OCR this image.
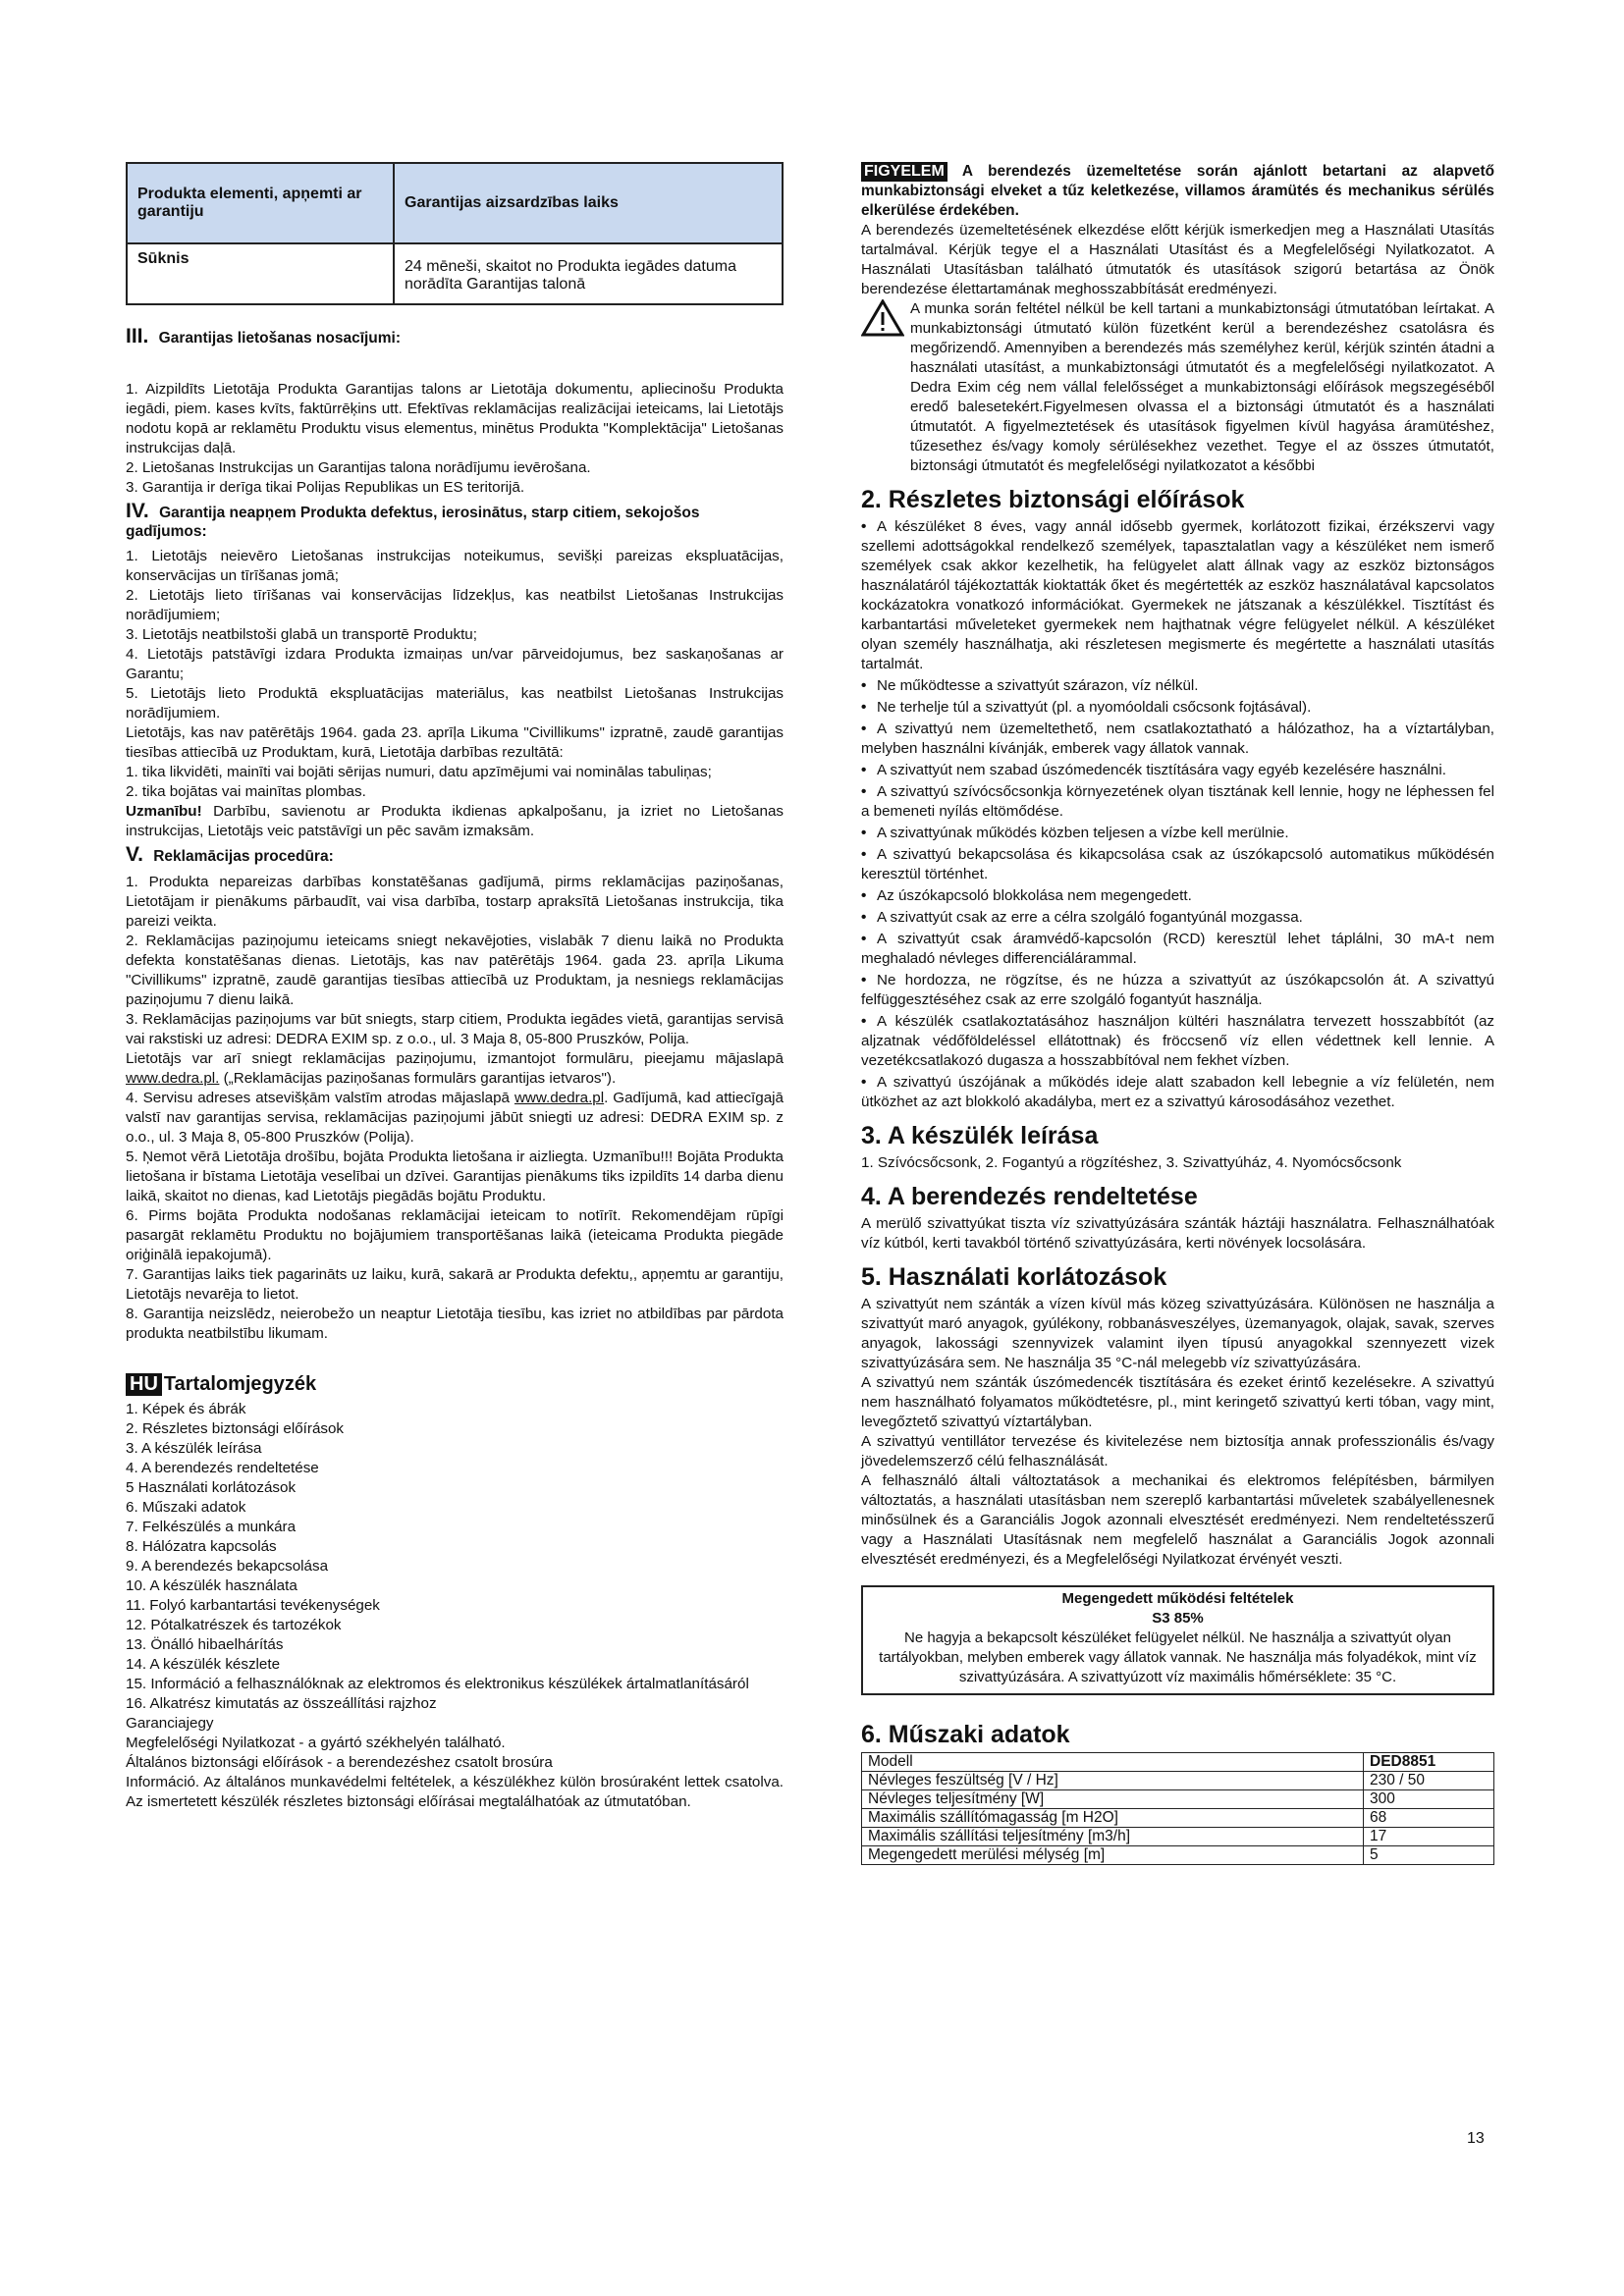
Produkta elementi, apņemti ar garantiju	Garantijas aizsardzības laiks
Sūknis	24 mēneši, skaitot no Produkta iegādes datuma norādīta Garantijas talonā
III. Garantijas lietošanas nosacījumi:

1. Aizpildīts Lietotāja Produkta Garantijas talons ar Lietotāja dokumentu, apliecinošu Produkta iegādi, piem. kases kvīts, faktūrrēķins utt. Efektīvas reklamācijas realizācijai ieteicams, lai Lietotājs nodotu kopā ar reklamētu Produktu visus elementus, minētus Produkta "Komplektācija" Lietošanas instrukcijas daļā.

2. Lietošanas Instrukcijas un Garantijas talona norādījumu ievērošana.

3. Garantija ir derīga tikai Polijas Republikas un ES teritorijā.

IV. Garantija neapņem Produkta defektus, ierosinātus, starp citiem, sekojošos gadījumos:

1. Lietotājs neievēro Lietošanas instrukcijas noteikumus, sevišķi pareizas ekspluatācijas, konservācijas un tīrīšanas jomā;

2. Lietotājs lieto tīrīšanas vai konservācijas līdzekļus, kas neatbilst Lietošanas Instrukcijas norādījumiem;

3. Lietotājs neatbilstoši glabā un transportē Produktu;

4. Lietotājs patstāvīgi izdara Produkta izmaiņas un/var pārveidojumus, bez saskaņošanas ar Garantu;

5. Lietotājs lieto Produktā ekspluatācijas materiālus, kas neatbilst Lietošanas Instrukcijas norādījumiem.

Lietotājs, kas nav patērētājs 1964. gada 23. aprīļa Likuma "Civillikums" izpratnē, zaudē garantijas tiesības attiecībā uz Produktam, kurā, Lietotāja darbības rezultātā:

1. tika likvidēti, mainīti vai bojāti sērijas numuri, datu apzīmējumi vai nominālas tabuliņas;

2. tika bojātas vai mainītas plombas.

Uzmanību! Darbību, savienotu ar Produkta ikdienas apkalpošanu, ja izriet no Lietošanas instrukcijas, Lietotājs veic patstāvīgi un pēc savām izmaksām.

V. Reklamācijas procedūra:

1. Produkta nepareizas darbības konstatēšanas gadījumā, pirms reklamācijas paziņošanas, Lietotājam ir pienākums pārbaudīt, vai visa darbība, tostarp apraksītā Lietošanas instrukcija, tika pareizi veikta.

2. Reklamācijas paziņojumu ieteicams sniegt nekavējoties, vislabāk 7 dienu laikā no Produkta defekta konstatēšanas dienas. Lietotājs, kas nav patērētājs 1964. gada 23. aprīļa Likuma "Civillikums" izpratnē, zaudē garantijas tiesības attiecībā uz Produktam, ja nesniegs reklamācijas paziņojumu 7 dienu laikā.

3. Reklamācijas paziņojums var būt sniegts, starp citiem, Produkta iegādes vietā, garantijas servisā vai rakstiski uz adresi: DEDRA EXIM sp. z o.o., ul. 3 Maja 8, 05-800 Pruszków, Polija.

Lietotājs var arī sniegt reklamācijas paziņojumu, izmantojot formulāru, pieejamu mājaslapā www.dedra.pl. („Reklamācijas paziņošanas formulārs garantijas ietvaros").

4. Servisu adreses atsevišķām valstīm atrodas mājaslapā www.dedra.pl. Gadījumā, kad attiecīgajā valstī nav garantijas servisa, reklamācijas paziņojumi jābūt sniegti uz adresi: DEDRA EXIM sp. z o.o., ul. 3 Maja 8, 05-800 Pruszków (Polija).

5. Ņemot vērā Lietotāja drošību, bojāta Produkta lietošana ir aizliegta. Uzmanību!!! Bojāta Produkta lietošana ir bīstama Lietotāja veselībai un dzīvei. Garantijas pienākums tiks izpildīts 14 darba dienu laikā, skaitot no dienas, kad Lietotājs piegādās bojātu Produktu.

6. Pirms bojāta Produkta nodošanas reklamācijai ieteicam to notīrīt. Rekomendējam rūpīgi pasargāt reklamētu Produktu no bojājumiem transportēšanas laikā (ieteicama Produkta piegāde oriģinālā iepakojumā).

7. Garantijas laiks tiek pagarināts uz laiku, kurā, sakarā ar Produkta defektu,, apņemtu ar garantiju, Lietotājs nevarēja to lietot.

8. Garantija neizslēdz, neierobežo un neaptur Lietotāja tiesību, kas izriet no atbildības par pārdota produkta neatbilstību likumam.

HU Tartalomjegyzék

1. Képek és ábrák

2. Részletes biztonsági előírások

3. A készülék leírása

4. A berendezés rendeltetése

5 Használati korlátozások

6. Műszaki adatok

7. Felkészülés a munkára

8. Hálózatra kapcsolás

9. A berendezés bekapcsolása

10. A készülék használata

11. Folyó karbantartási tevékenységek

12. Pótalkatrészek és tartozékok

13. Önálló hibaelhárítás

14. A készülék készlete

15. Információ a felhasználóknak az elektromos és elektronikus készülékek ártalmatlanításáról

16. Alkatrész kimutatás az összeállítási rajzhoz

Garanciajegy

Megfelelőségi Nyilatkozat - a gyártó székhelyén található.

Általános biztonsági előírások - a berendezéshez csatolt brosúra

Információ. Az általános munkavédelmi feltételek, a készülékhez külön brosúraként lettek csatolva. Az ismertetett készülék részletes biztonsági előírásai megtalálhatóak az útmutatóban.

FIGYELEM A berendezés üzemeltetése során ajánlott betartani az alapvető munkabiztonsági elveket a tűz keletkezése, villamos áramütés és mechanikus sérülés elkerülése érdekében.

A berendezés üzemeltetésének elkezdése előtt kérjük ismerkedjen meg a Használati Utasítás tartalmával. Kérjük tegye el a Használati Utasítást és a Megfelelőségi Nyilatkozatot. A Használati Utasításban található útmutatók és utasítások szigorú betartása az Önök berendezése élettartamának meghosszabbítását eredményezi.

A munka során feltétel nélkül be kell tartani a munkabiztonsági útmutatóban leírtakat. A munkabiztonsági útmutató külön füzetként kerül a berendezéshez csatolásra és megőrizendő. Amennyiben a berendezés más személyhez kerül, kérjük szintén átadni a használati utasítást, a munkabiztonsági útmutatót és a megfelelőségi nyilatkozatot. A Dedra Exim cég nem vállal felelősséget a munkabiztonsági előírások megszegéséből eredő balesetekért.Figyelmesen olvassa el a biztonsági útmutatót és a használati útmutatót. A figyelmeztetések és utasítások figyelmen kívül hagyása áramütéshez, tűzesethez és/vagy komoly sérülésekhez vezethet. Tegye el az összes útmutatót, biztonsági útmutatót és megfelelőségi nyilatkozatot a későbbi

2. Részletes biztonsági előírások

• A készüléket 8 éves, vagy annál idősebb gyermek, korlátozott fizikai, érzékszervi vagy szellemi adottságokkal rendelkező személyek, tapasztalatlan vagy a készüléket nem ismerő személyek csak akkor kezelhetik, ha felügyelet alatt állnak vagy az eszköz biztonságos használatáról tájékoztatták kioktatták őket és megértették az eszköz használatával kapcsolatos kockázatokra vonatkozó információkat. Gyermekek ne játszanak a készülékkel. Tisztítást és karbantartási műveleteket gyermekek nem hajthatnak végre felügyelet nélkül. A készüléket olyan személy használhatja, aki részletesen megismerte és megértette a használati utasítás tartalmát.

• Ne működtesse a szivattyút szárazon, víz nélkül.

• Ne terhelje túl a szivattyút (pl. a nyomóoldali csőcsonk fojtásával).

• A szivattyú nem üzemeltethető, nem csatlakoztatható a hálózathoz, ha a víztartályban, melyben használni kívánják, emberek vagy állatok vannak.

• A szivattyút nem szabad úszómedencék tisztítására vagy egyéb kezelésére használni.

• A szivattyú szívócsőcsonkja környezetének olyan tisztának kell lennie, hogy ne léphessen fel a bemeneti nyílás eltömődése.

• A szivattyúnak működés közben teljesen a vízbe kell merülnie.

• A szivattyú bekapcsolása és kikapcsolása csak az úszókapcsoló automatikus működésén keresztül történhet.

• Az úszókapcsoló blokkolása nem megengedett.

• A szivattyút csak az erre a célra szolgáló fogantyúnál mozgassa.

• A szivattyút csak áramvédő-kapcsolón (RCD) keresztül lehet táplálni, 30 mA-t nem meghaladó névleges differenciálárammal.

• Ne hordozza, ne rögzítse, és ne húzza a szivattyút az úszókapcsolón át. A szivattyú felfüggesztéséhez csak az erre szolgáló fogantyút használja.

• A készülék csatlakoztatásához használjon kültéri használatra tervezett hosszabbítót (az aljzatnak védőföldeléssel ellátottnak) és fröccsenő víz ellen védettnek kell lennie. A vezetékcsatlakozó dugasza a hosszabbítóval nem fekhet vízben.

• A szivattyú úszójának a működés ideje alatt szabadon kell lebegnie a víz felületén, nem ütközhet az azt blokkoló akadályba, mert ez a szivattyú károsodásához vezethet.

3. A készülék leírása

1. Szívócsőcsonk, 2. Fogantyú a rögzítéshez, 3. Szivattyúház, 4. Nyomócsőcsonk

4. A berendezés rendeltetése

A merülő szivattyúkat tiszta víz szivattyúzására szánták háztáji használatra. Felhasználhatóak víz kútból, kerti tavakból történő szivattyúzására, kerti növények locsolására.

5. Használati korlátozások

A szivattyút nem szánták a vízen kívül más közeg szivattyúzására. Különösen ne használja a szivattyút maró anyagok, gyúlékony, robbanásveszélyes, üzemanyagok, olajak, savak, szerves anyagok, lakossági szennyvizek valamint ilyen típusú anyagokkal szennyezett vizek szivattyúzására sem. Ne használja 35 °C-nál melegebb víz szivattyúzására.

A szivattyú nem szánták úszómedencék tisztítására és ezeket érintő kezelésekre. A szivattyú nem használható folyamatos működtetésre, pl., mint keringető szivattyú kerti tóban, vagy mint, levegőztető szivattyú víztartályban.

A szivattyú ventillátor tervezése és kivitelezése nem biztosítja annak professzionális és/vagy jövedelemszerző célú felhasználását.

A felhasználó általi változtatások a mechanikai és elektromos felépítésben, bármilyen változtatás, a használati utasításban nem szereplő karbantartási műveletek szabályellenesnek minősülnek és a Garanciális Jogok azonnali elvesztését eredményezi. Nem rendeltetésszerű vagy a Használati Utasításnak nem megfelelő használat a Garanciális Jogok azonnali elvesztését eredményezi, és a Megfelelőségi Nyilatkozat érvényét veszti.

Megengedett működési feltételek
S3 85%
Ne hagyja a bekapcsolt készüléket felügyelet nélkül. Ne használja a szivattyút olyan tartályokban, melyben emberek vagy állatok vannak. Ne használja más folyadékok, mint víz szivattyúzására. A szivattyúzott víz maximális hőmérséklete: 35 °C.
6. Műszaki adatok
Modell	DED8851
Névleges feszültség [V / Hz]	230 / 50
Névleges teljesítmény [W]	300
Maximális szállítómagasság [m H2O]	68
Maximális szállítási teljesítmény [m3/h]	17
Megengedett merülési mélység [m]	5
13
